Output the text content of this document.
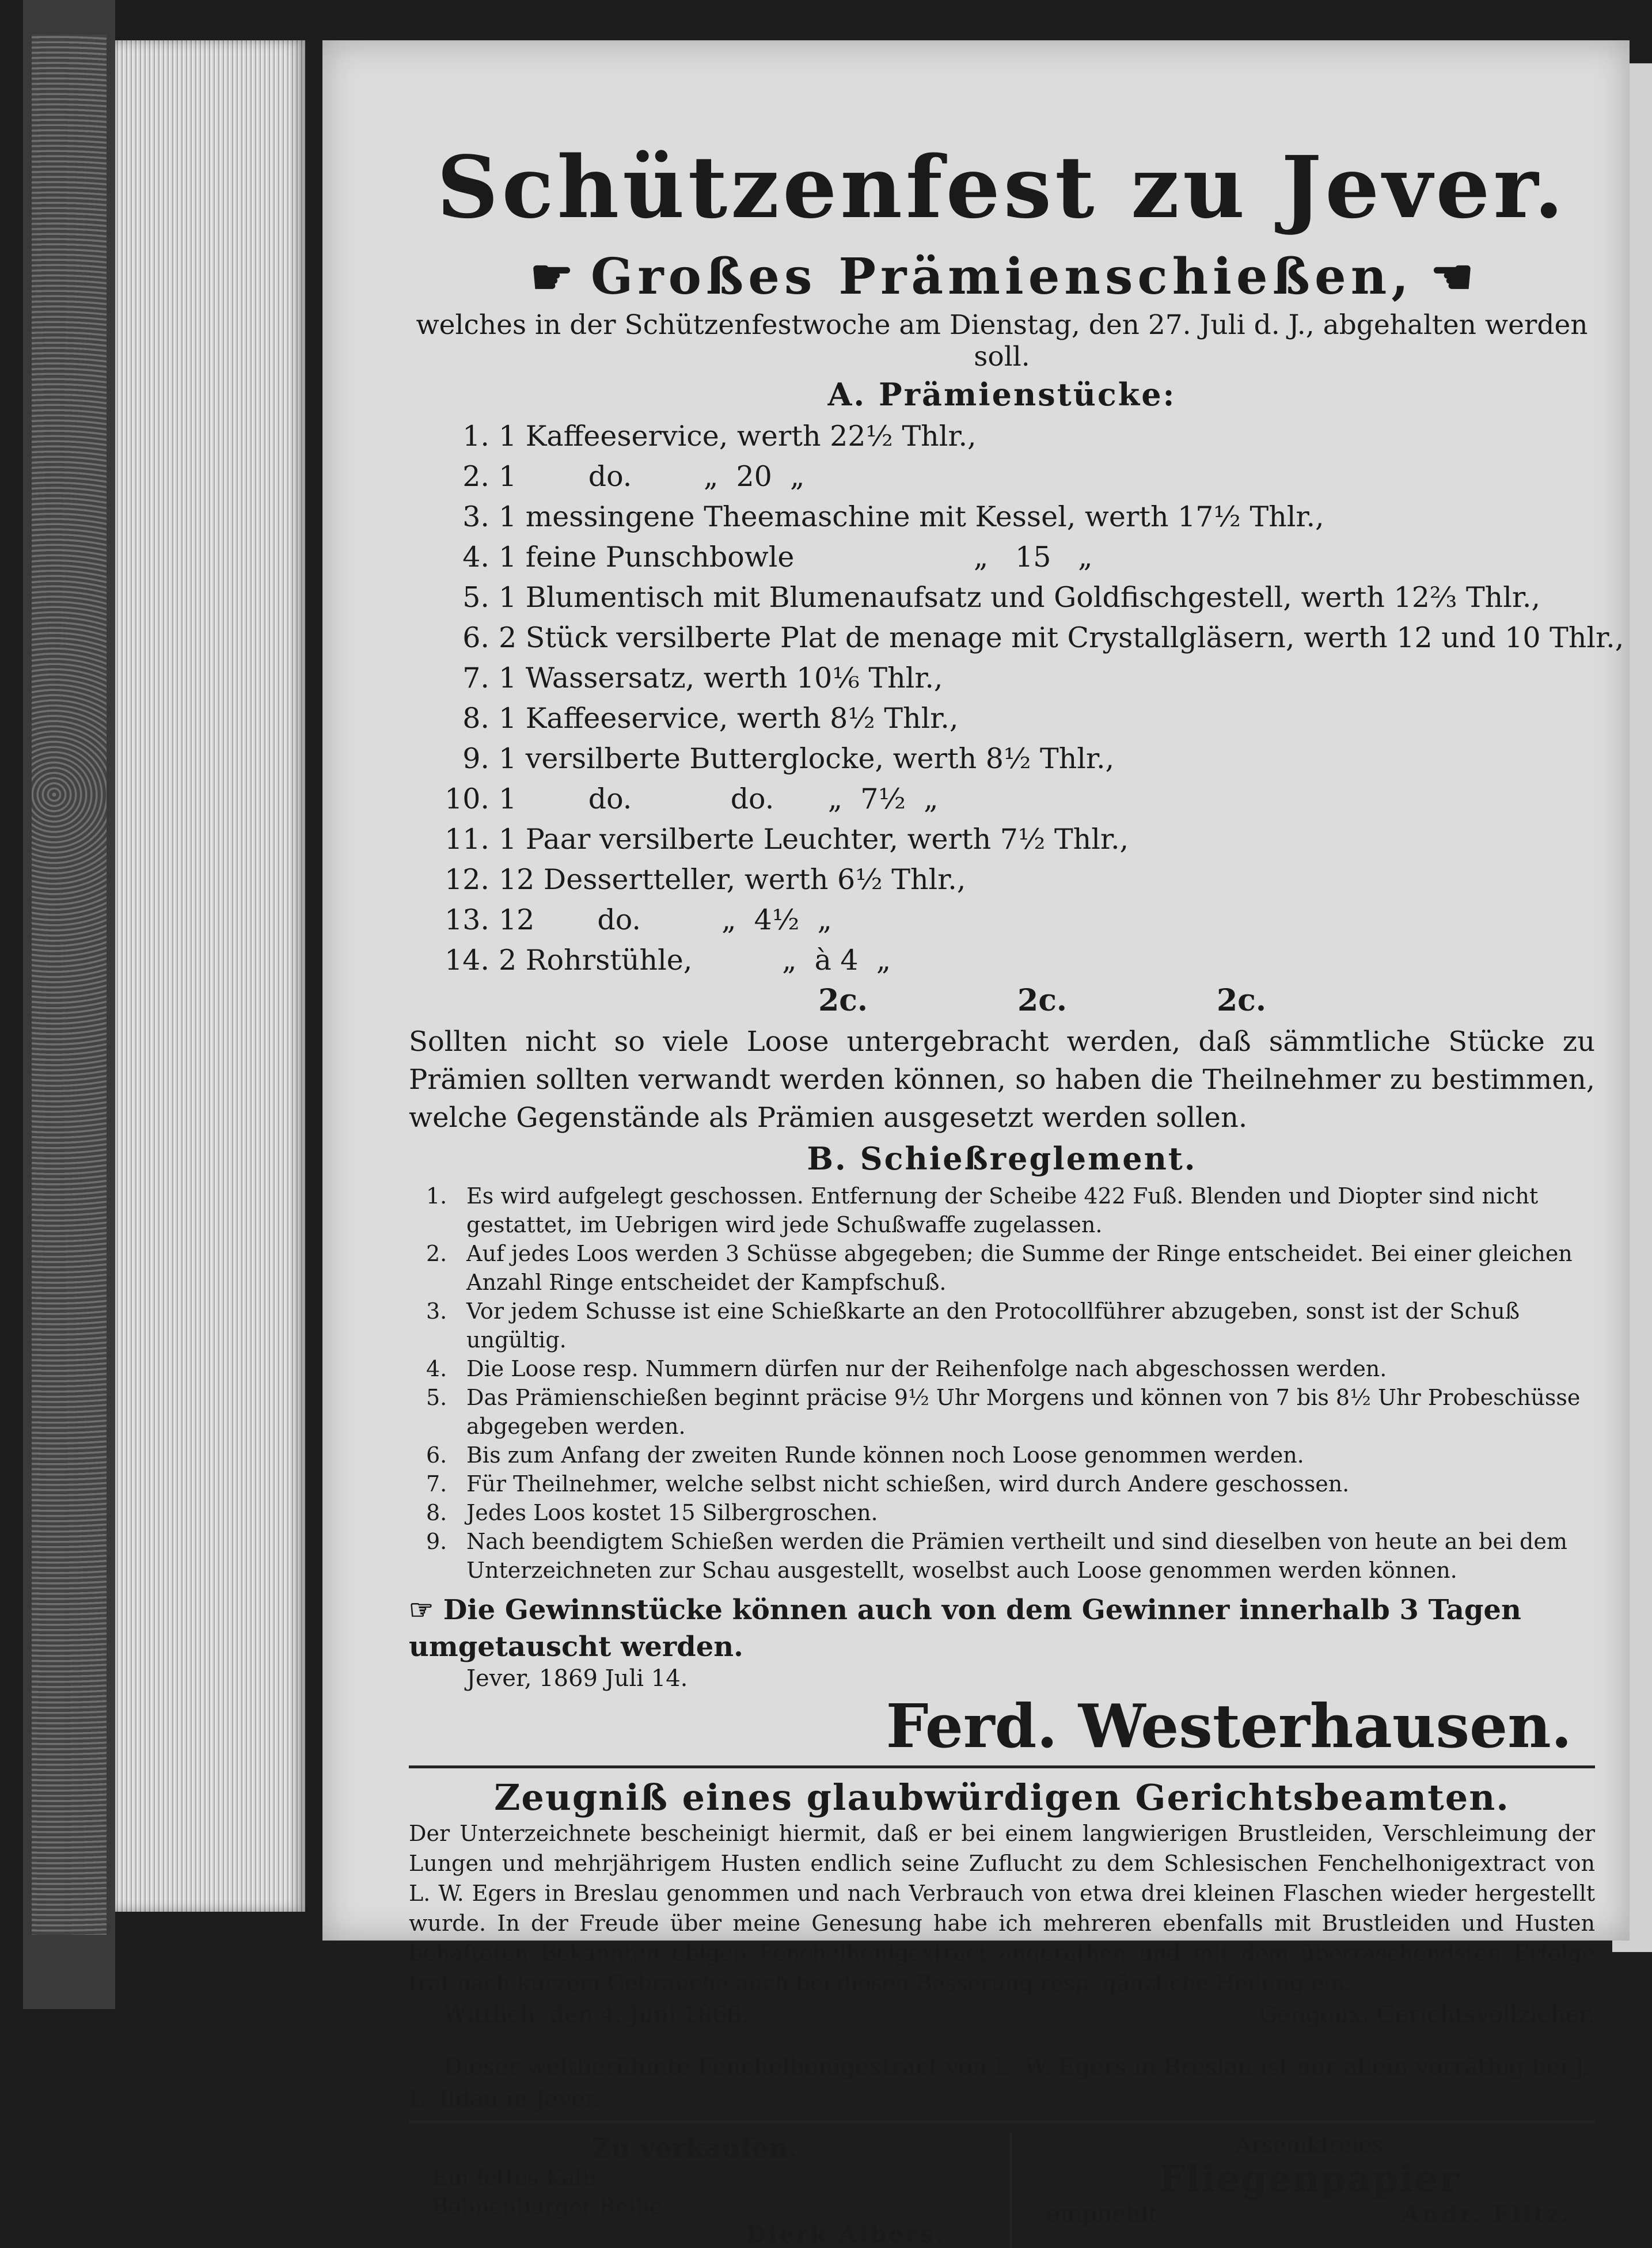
Schützenfest zu Jever.
☛ Großes Prämienschießen, ☚
welches in der Schützenfestwoche am Dienstag, den 27. Juli d. J., abgehalten werden soll.
A. Prämienstücke:
1. 1 Kaffeeservice, werth 22½ Thlr.,
2. 1        do.        „  20  „
3. 1 messingene Theemaschine mit Kessel, werth 17½ Thlr.,
4. 1 feine Punschbowle                    „   15   „
5. 1 Blumentisch mit Blumenaufsatz und Goldfischgestell, werth 12⅔ Thlr.,
6. 2 Stück versilberte Plat de menage mit Crystallgläsern, werth 12 und 10 Thlr.,
7. 1 Wassersatz, werth 10⅙ Thlr.,
8. 1 Kaffeeservice, werth 8½ Thlr.,
9. 1 versilberte Butterglocke, werth 8½ Thlr.,
10. 1        do.           do.      „  7½  „
11. 1 Paar versilberte Leuchter, werth 7½ Thlr.,
12. 12 Dessertteller, werth 6½ Thlr.,
13. 12       do.         „  4½  „
14. 2 Rohrstühle,          „  à 4  „
2c.	2c.	2c.
Sollten nicht so viele Loose untergebracht werden, daß sämmtliche Stücke zu Prämien sollten verwandt werden können, so haben die Theilnehmer zu bestimmen, welche Gegenstände als Prämien ausgesetzt werden sollen.
B. Schießreglement.
1. Es wird aufgelegt geschossen. Entfernung der Scheibe 422 Fuß. Blenden und Diopter sind nicht gestattet, im Uebrigen wird jede Schußwaffe zugelassen.
2. Auf jedes Loos werden 3 Schüsse abgegeben; die Summe der Ringe entscheidet. Bei einer gleichen Anzahl Ringe entscheidet der Kampfschuß.
3. Vor jedem Schusse ist eine Schießkarte an den Protocollführer abzugeben, sonst ist der Schuß ungültig.
4. Die Loose resp. Nummern dürfen nur der Reihenfolge nach abgeschossen werden.
5. Das Prämienschießen beginnt präcise 9½ Uhr Morgens und können von 7 bis 8½ Uhr Probeschüsse abgegeben werden.
6. Bis zum Anfang der zweiten Runde können noch Loose genommen werden.
7. Für Theilnehmer, welche selbst nicht schießen, wird durch Andere geschossen.
8. Jedes Loos kostet 15 Silbergroschen.
9. Nach beendigtem Schießen werden die Prämien vertheilt und sind dieselben von heute an bei dem Unterzeichneten zur Schau ausgestellt, woselbst auch Loose genommen werden können.
☞ Die Gewinnstücke können auch von dem Gewinner innerhalb 3 Tagen umgetauscht werden.
Jever, 1869 Juli 14.
Ferd. Westerhausen.
Zeugniß eines glaubwürdigen Gerichtsbeamten.
Der Unterzeichnete bescheinigt hiermit, daß er bei einem langwierigen Brustleiden, Verschleimung der Lungen und mehrjährigem Husten endlich seine Zuflucht zu dem Schlesischen Fenchelhonigextract von L. W. Egers in Breslau genommen und nach Verbrauch von etwa drei kleinen Flaschen wieder hergestellt wurde. In der Freude über meine Genesung habe ich mehreren ebenfalls mit Brustleiden und Husten behafteten Bekannten obigen Fenchelhonigextract angerathen und mit dem überraschendsten Erfolge trat nach kurzem Gebrauche auch bei diesen Besserung resp. gänzliche Heilung ein.
Wittlich, den 4. Juni 1868.	Gengoux, Gerichtsvollzieher.
Dieser weltberühmte Fenchelhonigextract von L. W. Egers in Breslau ist nur allein vorräthig bei J. L. Ildau in Jever.
Zu verkaufen.
Ein fettes Kalb.
Bohnenburger Reihe.
Dierk Albers.
Arsenikfreies
Fliegenpapier
empfiehlt	Andr. Flitz.
